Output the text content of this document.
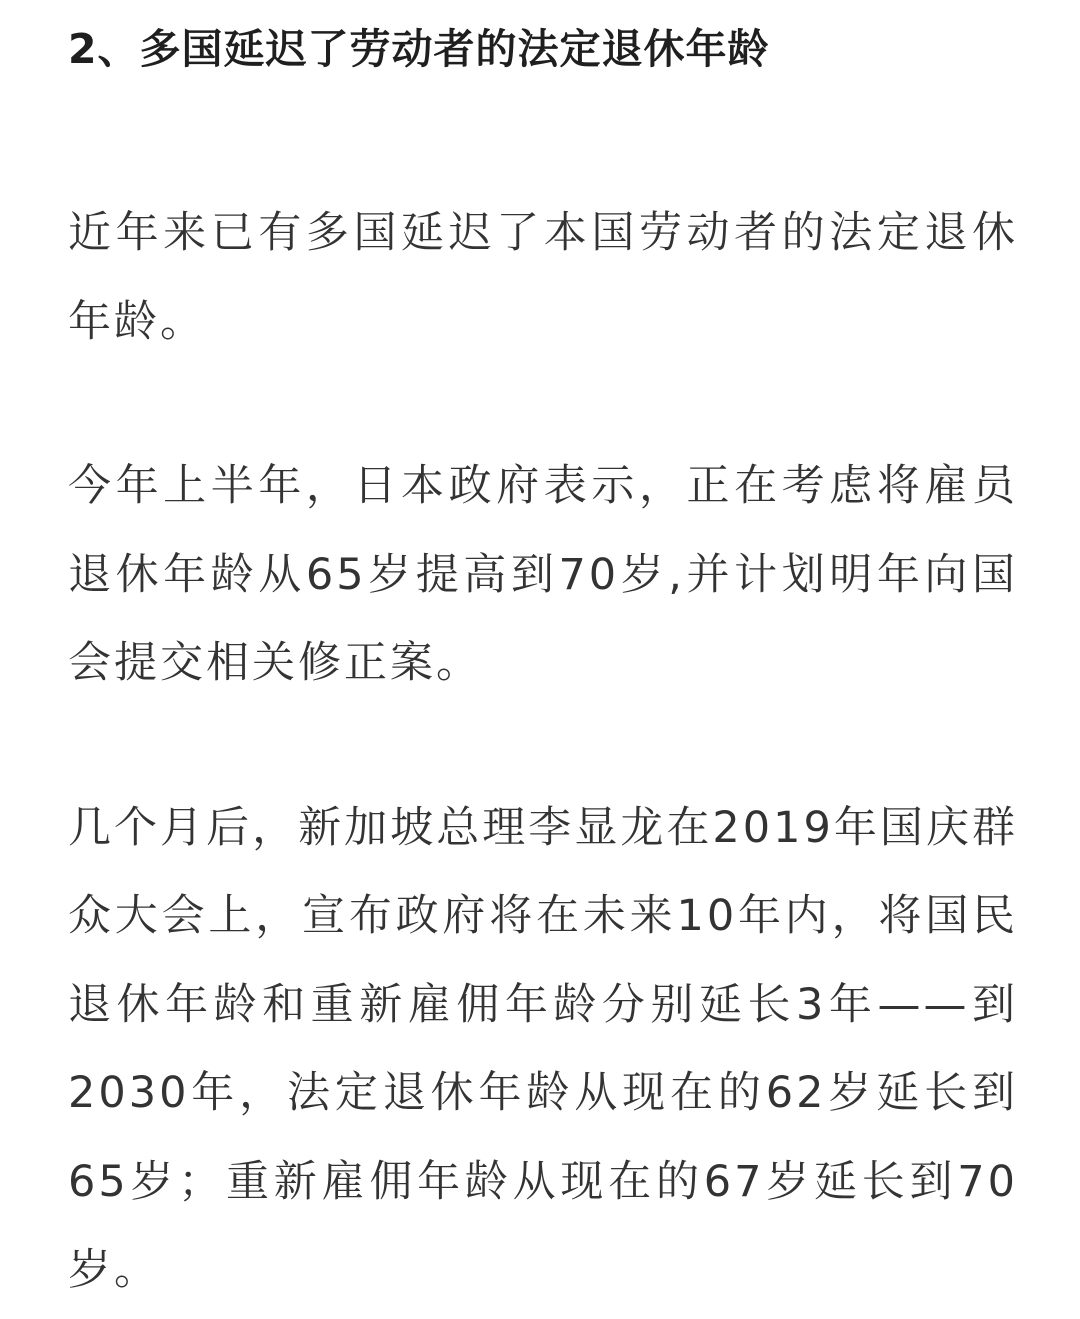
2、多国延迟了劳动者的法定退休年龄

近年来已有多国延迟了本国劳动者的法定退休年龄。

今年上半年，日本政府表示，正在考虑将雇员退休年龄从65岁提高到70岁,并计划明年向国会提交相关修正案。

几个月后，新加坡总理李显龙在2019年国庆群众大会上，宣布政府将在未来10年内，将国民退休年龄和重新雇佣年龄分别延长3年——到2030年，法定退休年龄从现在的62岁延长到65岁；重新雇佣年龄从现在的67岁延长到70岁。
